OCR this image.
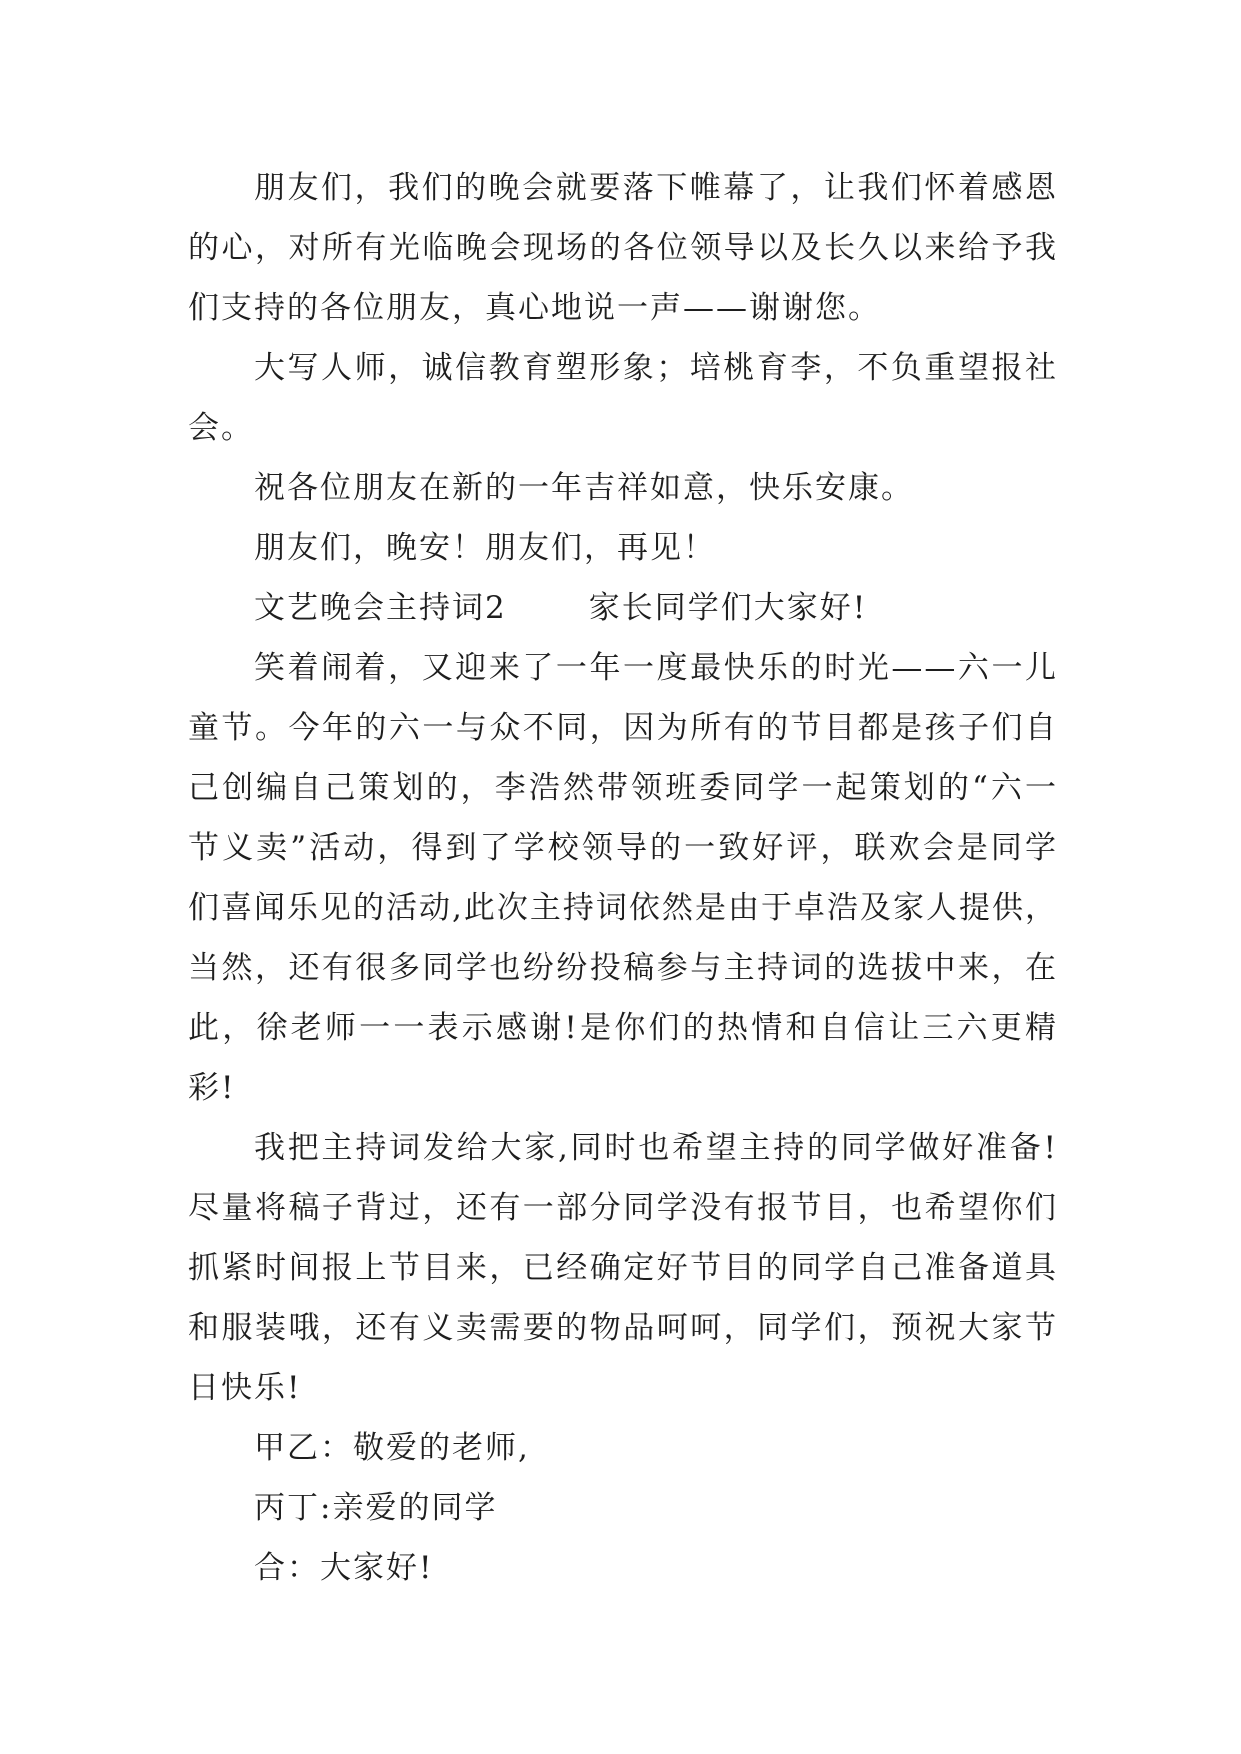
朋友们，我们的晚会就要落下帷幕了，让我们怀着感恩的心，对所有光临晚会现场的各位领导以及长久以来给予我们支持的各位朋友，真心地说一声——谢谢您。

大写人师，诚信教育塑形象；培桃育李，不负重望报社会。

祝各位朋友在新的一年吉祥如意，快乐安康。

朋友们，晚安！朋友们，再见！

文艺晚会主持词2	家长同学们大家好!

笑着闹着，又迎来了一年一度最快乐的时光——六一儿童节。今年的六一与众不同，因为所有的节目都是孩子们自己创编自己策划的，李浩然带领班委同学一起策划的“六一节义卖”活动，得到了学校领导的一致好评，联欢会是同学们喜闻乐见的活动,此次主持词依然是由于卓浩及家人提供，当然，还有很多同学也纷纷投稿参与主持词的选拔中来，在此，徐老师一一表示感谢!是你们的热情和自信让三六更精彩!

我把主持词发给大家,同时也希望主持的同学做好准备!尽量将稿子背过，还有一部分同学没有报节目，也希望你们抓紧时间报上节目来，已经确定好节目的同学自己准备道具和服装哦，还有义卖需要的物品呵呵，同学们，预祝大家节日快乐!

甲乙：敬爱的老师,

丙丁:亲爱的同学

合：大家好!
